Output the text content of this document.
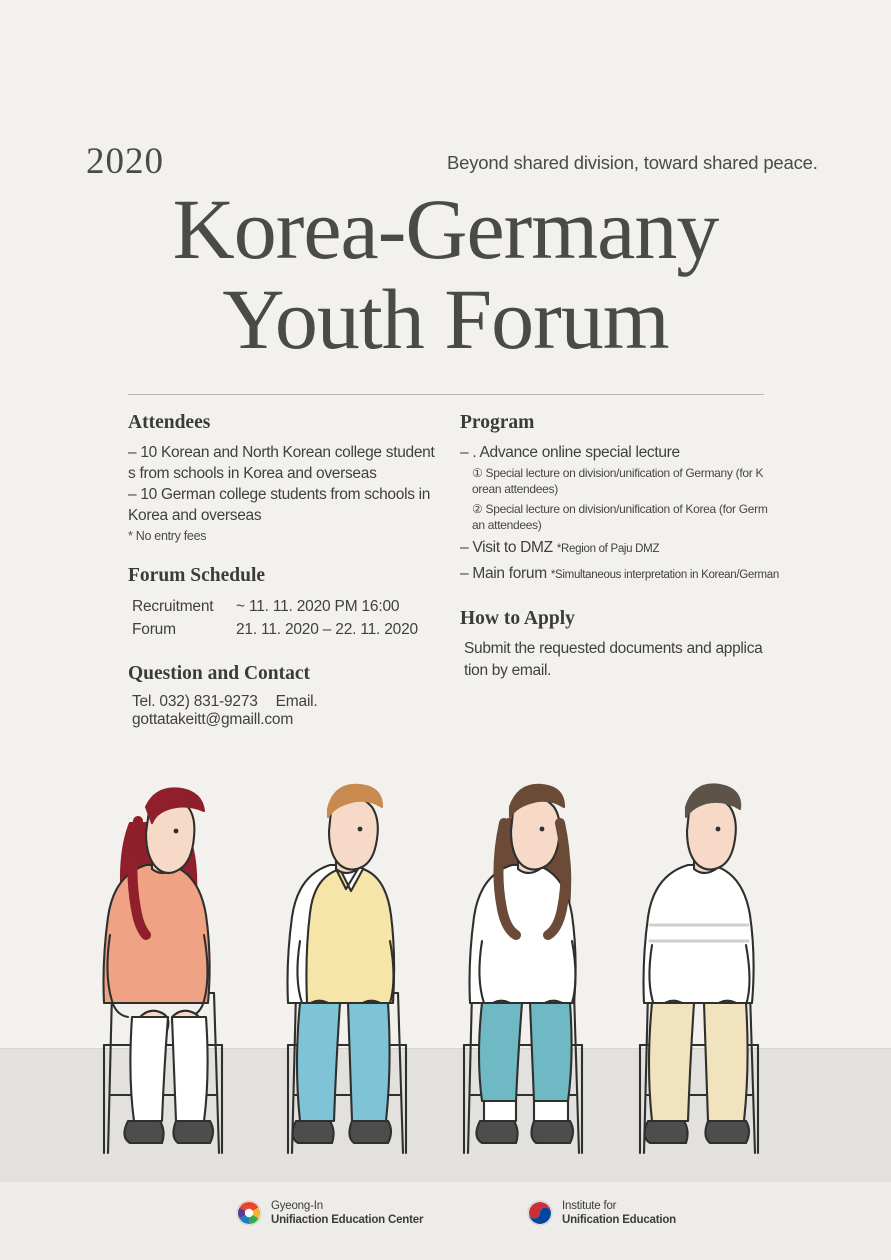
2020	Beyond shared division, toward shared peace.
Korea-Germany
Youth Forum
Attendees

– 10 Korean and North Korean college student

s from schools in Korea and overseas

– 10 German college students from schools in

Korea and overseas

* No entry fees

Forum Schedule

Recruitment ~ 11. 11. 2020 PM 16:00

Forum	21. 11. 2020 – 22. 11. 2020

Question and Contact

Tel. 032) 831-9273 Email. gottatakeitt@gmaill.com

Program

– . Advance online special lecture

① Special lecture on division/unification of Germany (for K orean attendees)

② Special lecture on division/unification of Korea (for Germ an attendees)

– Visit to DMZ *Region of Paju DMZ

– Main forum *Simultaneous interpretation in Korean/German

How to Apply

Submit the requested documents and applica tion by email.

Gyeong-In
Unifiaction Education Center
Institute for
Unification Education
